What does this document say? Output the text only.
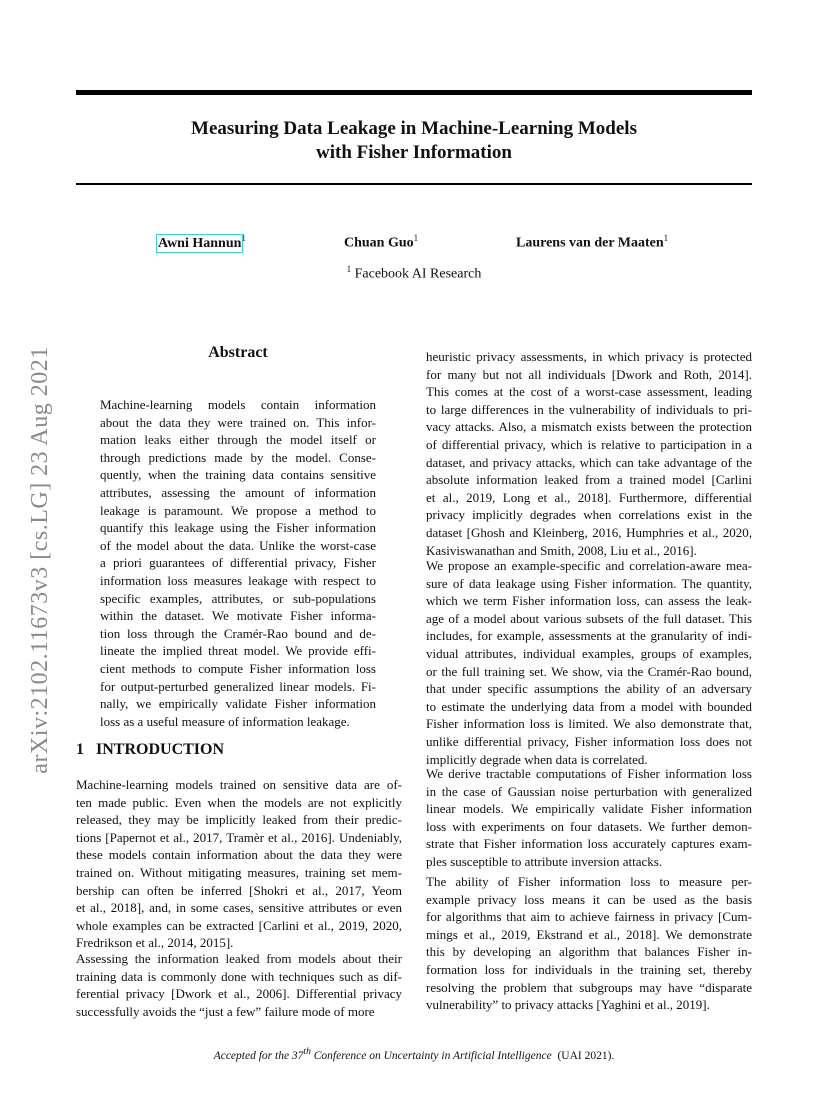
arXiv:2102.11673v3 [cs.LG] 23 Aug 2021
Measuring Data Leakage in Machine-Learning Models
with Fisher Information
Awni Hannun$^1$	Chuan Guo$^1$	Laurens van der Maaten$^1$
$^1$ Facebook AI Research
Abstract
Machine-learning models contain information
about the data they were trained on. This infor-
mation leaks either through the model itself or
through predictions made by the model. Conse-
quently, when the training data contains sensitive
attributes, assessing the amount of information
leakage is paramount. We propose a method to
quantify this leakage using the Fisher information
of the model about the data. Unlike the worst-case
a priori guarantees of differential privacy, Fisher
information loss measures leakage with respect to
specific examples, attributes, or sub-populations
within the dataset. We motivate Fisher informa-
tion loss through the Cramér-Rao bound and de-
lineate the implied threat model. We provide effi-
cient methods to compute Fisher information loss
for output-perturbed generalized linear models. Fi-
nally, we empirically validate Fisher information
loss as a useful measure of information leakage.
1 INTRODUCTION
Machine-learning models trained on sensitive data are of-
ten made public. Even when the models are not explicitly
released, they may be implicitly leaked from their predic-
tions [Papernot et al., 2017, Tramèr et al., 2016]. Undeniably,
these models contain information about the data they were
trained on. Without mitigating measures, training set mem-
bership can often be inferred [Shokri et al., 2017, Yeom
et al., 2018], and, in some cases, sensitive attributes or even
whole examples can be extracted [Carlini et al., 2019, 2020,
Fredrikson et al., 2014, 2015].
Assessing the information leaked from models about their
training data is commonly done with techniques such as dif-
ferential privacy [Dwork et al., 2006]. Differential privacy
successfully avoids the “just a few” failure mode of more
heuristic privacy assessments, in which privacy is protected
for many but not all individuals [Dwork and Roth, 2014].
This comes at the cost of a worst-case assessment, leading
to large differences in the vulnerability of individuals to pri-
vacy attacks. Also, a mismatch exists between the protection
of differential privacy, which is relative to participation in a
dataset, and privacy attacks, which can take advantage of the
absolute information leaked from a trained model [Carlini
et al., 2019, Long et al., 2018]. Furthermore, differential
privacy implicitly degrades when correlations exist in the
dataset [Ghosh and Kleinberg, 2016, Humphries et al., 2020,
Kasiviswanathan and Smith, 2008, Liu et al., 2016].
We propose an example-specific and correlation-aware mea-
sure of data leakage using Fisher information. The quantity,
which we term Fisher information loss, can assess the leak-
age of a model about various subsets of the full dataset. This
includes, for example, assessments at the granularity of indi-
vidual attributes, individual examples, groups of examples,
or the full training set. We show, via the Cramér-Rao bound,
that under specific assumptions the ability of an adversary
to estimate the underlying data from a model with bounded
Fisher information loss is limited. We also demonstrate that,
unlike differential privacy, Fisher information loss does not
implicitly degrade when data is correlated.
We derive tractable computations of Fisher information loss
in the case of Gaussian noise perturbation with generalized
linear models. We empirically validate Fisher information
loss with experiments on four datasets. We further demon-
strate that Fisher information loss accurately captures exam-
ples susceptible to attribute inversion attacks.
The ability of Fisher information loss to measure per-
example privacy loss means it can be used as the basis
for algorithms that aim to achieve fairness in privacy [Cum-
mings et al., 2019, Ekstrand et al., 2018]. We demonstrate
this by developing an algorithm that balances Fisher in-
formation loss for individuals in the training set, thereby
resolving the problem that subgroups may have “disparate
vulnerability” to privacy attacks [Yaghini et al., 2019].
Accepted for the 37th Conference on Uncertainty in Artificial Intelligence (UAI 2021).
